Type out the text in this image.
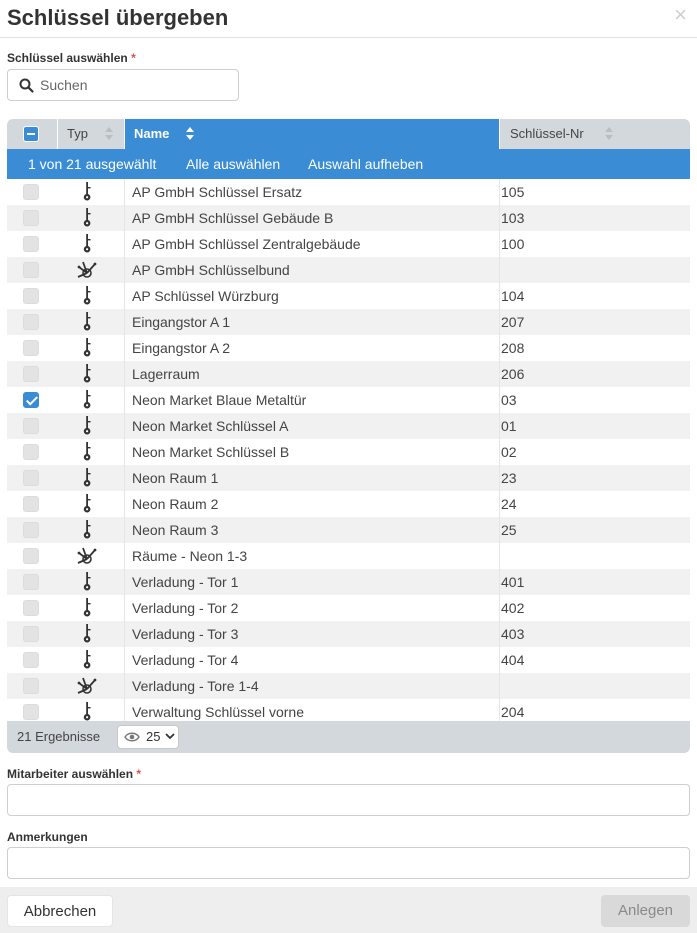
Schlüssel übergeben	×
Schlüssel auswählen *
Suchen
Typ	Name	Schlüssel-Nr
1 von 21 ausgewählt Alle auswählen Auswahl aufheben
AP GmbH Schlüssel Ersatz	105
AP GmbH Schlüssel Gebäude B	103
AP GmbH Schlüssel Zentralgebäude	100
AP GmbH Schlüsselbund
AP Schlüssel Würzburg	104
Eingangstor A 1	207
Eingangstor A 2	208
Lagerraum	206
Neon Market Blaue Metaltür	03
Neon Market Schlüssel A	01
Neon Market Schlüssel B	02
Neon Raum 1	23
Neon Raum 2	24
Neon Raum 3	25
Räume - Neon 1-3
Verladung - Tor 1	401
Verladung - Tor 2	402
Verladung - Tor 3	403
Verladung - Tor 4	404
Verladung - Tore 1-4
Verwaltung Schlüssel vorne	204
21 Ergebnisse	25
Mitarbeiter auswählen *
Anmerkungen
Abbrechen	Anlegen
